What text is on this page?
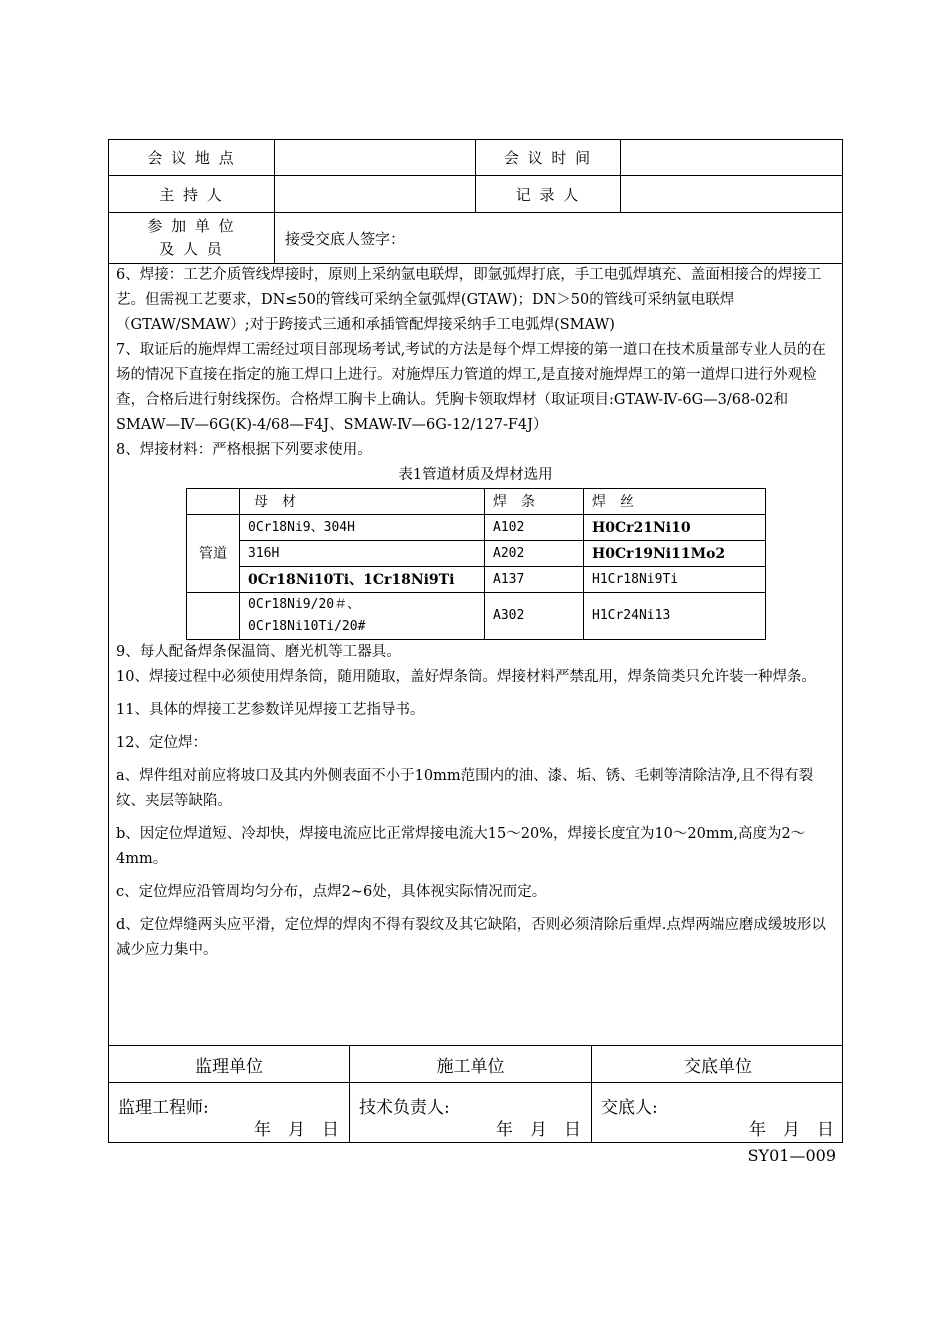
会 议 地 点	会 议 时 间
主 持 人	记 录 人
参 加 单 位
及 人 员
接受交底人签字：

6、焊接：工艺介质管线焊接时，原则上采纳氩电联焊，即氩弧焊打底，手工电弧焊填充、盖面相接合的焊接工艺。但需视工艺要求，DN≤50的管线可采纳全氩弧焊(GTAW)；DN＞50的管线可采纳氩电联焊（GTAW/SMAW）;对于跨接式三通和承插管配焊接采纳手工电弧焊(SMAW)

7、取证后的施焊焊工需经过项目部现场考试,考试的方法是每个焊工焊接的第一道口在技术质量部专业人员的在场的情况下直接在指定的施工焊口上进行。对施焊压力管道的焊工,是直接对施焊焊工的第一道焊口进行外观检查，合格后进行射线探伤。合格焊工胸卡上确认。凭胸卡领取焊材（取证项目:GTAW-Ⅳ-6G—3/68-02和SMAW—Ⅳ—6G(K)-4/68—F4J、SMAW-Ⅳ—6G-12/127-F4J）

8、焊接材料：严格根据下列要求使用。

表1管道材质及焊材选用

	母　材	焊　条	焊　丝
管道	0Cr18Ni9、304H	A102	H0Cr21Ni10
	316H	A202	H0Cr19Ni11Mo2
	0Cr18Ni10Ti、1Cr18Ni9Ti	A137	H1Cr18Ni9Ti
	0Cr18Ni9/20＃、0Cr18Ni10Ti/20#	A302	H1Cr24Ni13

9、每人配备焊条保温筒、磨光机等工器具。

10、焊接过程中必须使用焊条筒，随用随取，盖好焊条筒。焊接材料严禁乱用，焊条筒类只允许装一种焊条。

11、具体的焊接工艺参数详见焊接工艺指导书。

12、定位焊：

a、焊件组对前应将坡口及其内外侧表面不小于10mm范围内的油、漆、垢、锈、毛刺等清除洁净,且不得有裂纹、夹层等缺陷。

b、因定位焊道短、冷却快，焊接电流应比正常焊接电流大15～20%，焊接长度宜为10～20mm,高度为2～4mm。

c、定位焊应沿管周均匀分布，点焊2~6处，具体视实际情况而定。

d、定位焊缝两头应平滑，定位焊的焊肉不得有裂纹及其它缺陷，否则必须清除后重焊.点焊两端应磨成缓坡形以减少应力集中。

监理单位	施工单位	交底单位
监理工程师:
年　月　日
技术负责人:
年　月　日
交底人:
年　月　日
SY01—009
